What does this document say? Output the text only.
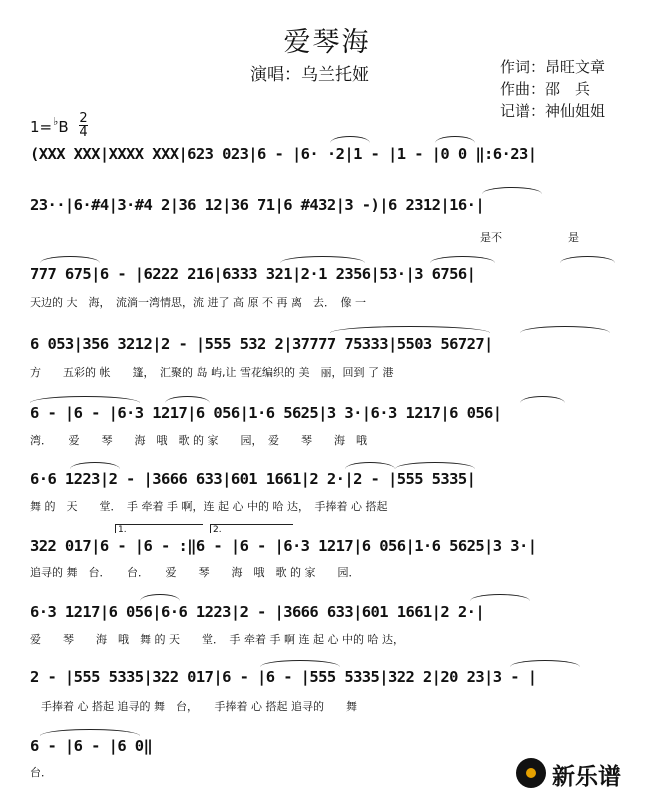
爱琴海
演唱：乌兰托娅	作词：昂旺文章
作曲：邵　兵
记谱：神仙姐姐
$1=^♭B \frac{2}{4}$
(XXX XXX|XXXX XXX|623 023|6 - |6· ·2|1 - |1 - |0 0 ‖:6·23|
23··|6·#4|3·#4 2|36 12|36 71|6 #432|3 -)|6 2312|16·|
是不　　　　　　是
777 675|6 - |6222 216|6333 321|2·1 2356|53·|3 6756|
天边的 大　海，　流淌一湾情思，流 进了 高 原 不 再 离　去．　像 一
6 053|356 3212|2 - |555 532 2|37777 75333|5503 56727|
方　　五彩的 帐　　篷，　汇聚的 岛 屿,让 雪花编织的 美　丽，回到 了 港
6 - |6 - |6·3 1217|6 056|1·6 5625|3 3·|6·3 1217|6 056|
湾．　　爱　　琴　　海　哦　歌 的 家　　园，　爱　　琴　　海　哦
6·6 1223|2 - |3666 633|601 1661|2 2·|2 - |555 5335|
舞 的　天　　堂．　手 牵着 手 啊，连 起 心 中的 哈 达，　手捧着 心 搭起
322 017|6 - |6 - :‖6 - |6 - |6·3 1217|6 056|1·6 5625|3 3·|
追寻的 舞　台．　　台．　　爱　　琴　　海　哦　歌 的 家　　园．
6·3 1217|6 056|6·6 1223|2 - |3666 633|601 1661|2 2·|
爱　　琴　　海　哦　舞 的 天　　堂．　手 牵着 手 啊 连 起 心 中的 哈 达，
2 - |555 5335|322 017|6 - |6 - |555 5335|322 2|20 23|3 - |
　手捧着 心 搭起 追寻的 舞　台，　　手捧着 心 搭起 追寻的　　舞
6 - |6 - |6 0‖
台．
1.	2.
新乐谱
